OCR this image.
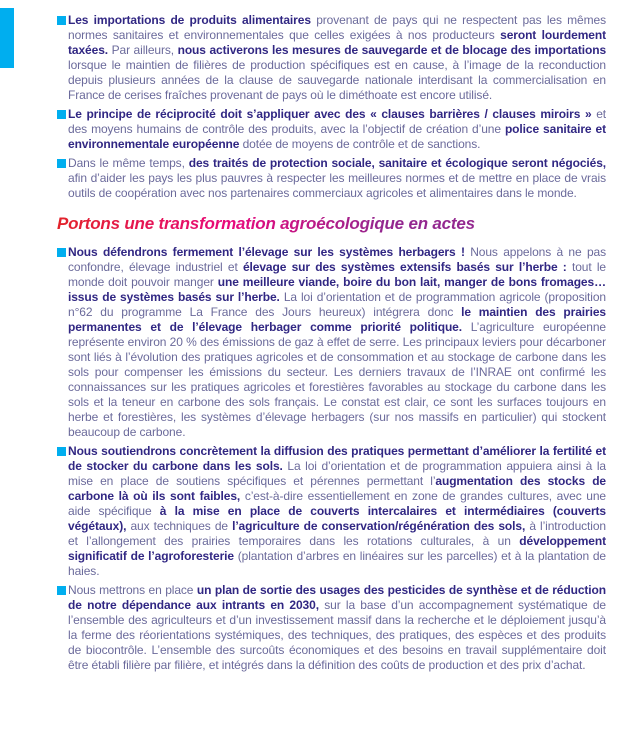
Les importations de produits alimentaires provenant de pays qui ne respectent pas les mêmes normes sanitaires et environnementales que celles exigées à nos producteurs seront lourdement taxées. Par ailleurs, nous activerons les mesures de sauvegarde et de blocage des importations lorsque le maintien de filières de production spécifiques est en cause, à l’image de la reconduction depuis plusieurs années de la clause de sauvegarde nationale interdisant la commercialisation en France de cerises fraîches provenant de pays où le diméthoate est encore utilisé.

Le principe de réciprocité doit s’appliquer avec des « clauses barrières / clauses miroirs » et des moyens humains de contrôle des produits, avec la l’objectif de création d’une police sanitaire et environnementale européenne dotée de moyens de contrôle et de sanctions.

Dans le même temps, des traités de protection sociale, sanitaire et écologique seront négociés, afin d’aider les pays les plus pauvres à respecter les meilleures normes et de mettre en place de vrais outils de coopération avec nos partenaires commerciaux agricoles et alimentaires dans le monde.

Portons une transformation agroécologique en actes

Nous défendrons fermement l’élevage sur les systèmes herbagers ! Nous appelons à ne pas confondre, élevage industriel et élevage sur des systèmes extensifs basés sur l’herbe : tout le monde doit pouvoir manger une meilleure viande, boire du bon lait, manger de bons fromages… issus de systèmes basés sur l’herbe. La loi d’orientation et de programmation agricole (proposition n°62 du programme La France des Jours heureux) intégrera donc le maintien des prairies permanentes et de l’élevage herbager comme priorité politique. L’agriculture européenne représente environ 20 % des émissions de gaz à effet de serre. Les principaux leviers pour décarboner sont liés à l’évolution des pratiques agricoles et de consommation et au stockage de carbone dans les sols pour compenser les émissions du secteur. Les derniers travaux de l’INRAE ont confirmé les connaissances sur les pratiques agricoles et forestières favorables au stockage du carbone dans les sols et la teneur en carbone des sols français. Le constat est clair, ce sont les surfaces toujours en herbe et forestières, les systèmes d’élevage herbagers (sur nos massifs en particulier) qui stockent beaucoup de carbone.

Nous soutiendrons concrètement la diffusion des pratiques permettant d’améliorer la fertilité et de stocker du carbone dans les sols. La loi d’orientation et de programmation appuiera ainsi à la mise en place de soutiens spécifiques et pérennes permettant l’augmentation des stocks de carbone là où ils sont faibles, c’est-à-dire essentiellement en zone de grandes cultures, avec une aide spécifique à la mise en place de couverts intercalaires et intermédiaires (couverts végétaux), aux techniques de l’agriculture de conservation/régénération des sols, à l’introduction et l’allongement des prairies temporaires dans les rotations culturales, à un développement significatif de l’agroforesterie (plantation d’arbres en linéaires sur les parcelles) et à la plantation de haies.

Nous mettrons en place un plan de sortie des usages des pesticides de synthèse et de réduction de notre dépendance aux intrants en 2030, sur la base d’un accompagnement systématique de l’ensemble des agriculteurs et d’un investissement massif dans la recherche et le déploiement jusqu’à la ferme des réorientations systémiques, des techniques, des pratiques, des espèces et des produits de biocontrôle. L’ensemble des surcoûts économiques et des besoins en travail supplémentaire doit être établi filière par filière, et intégrés dans la définition des coûts de production et des prix d’achat.
